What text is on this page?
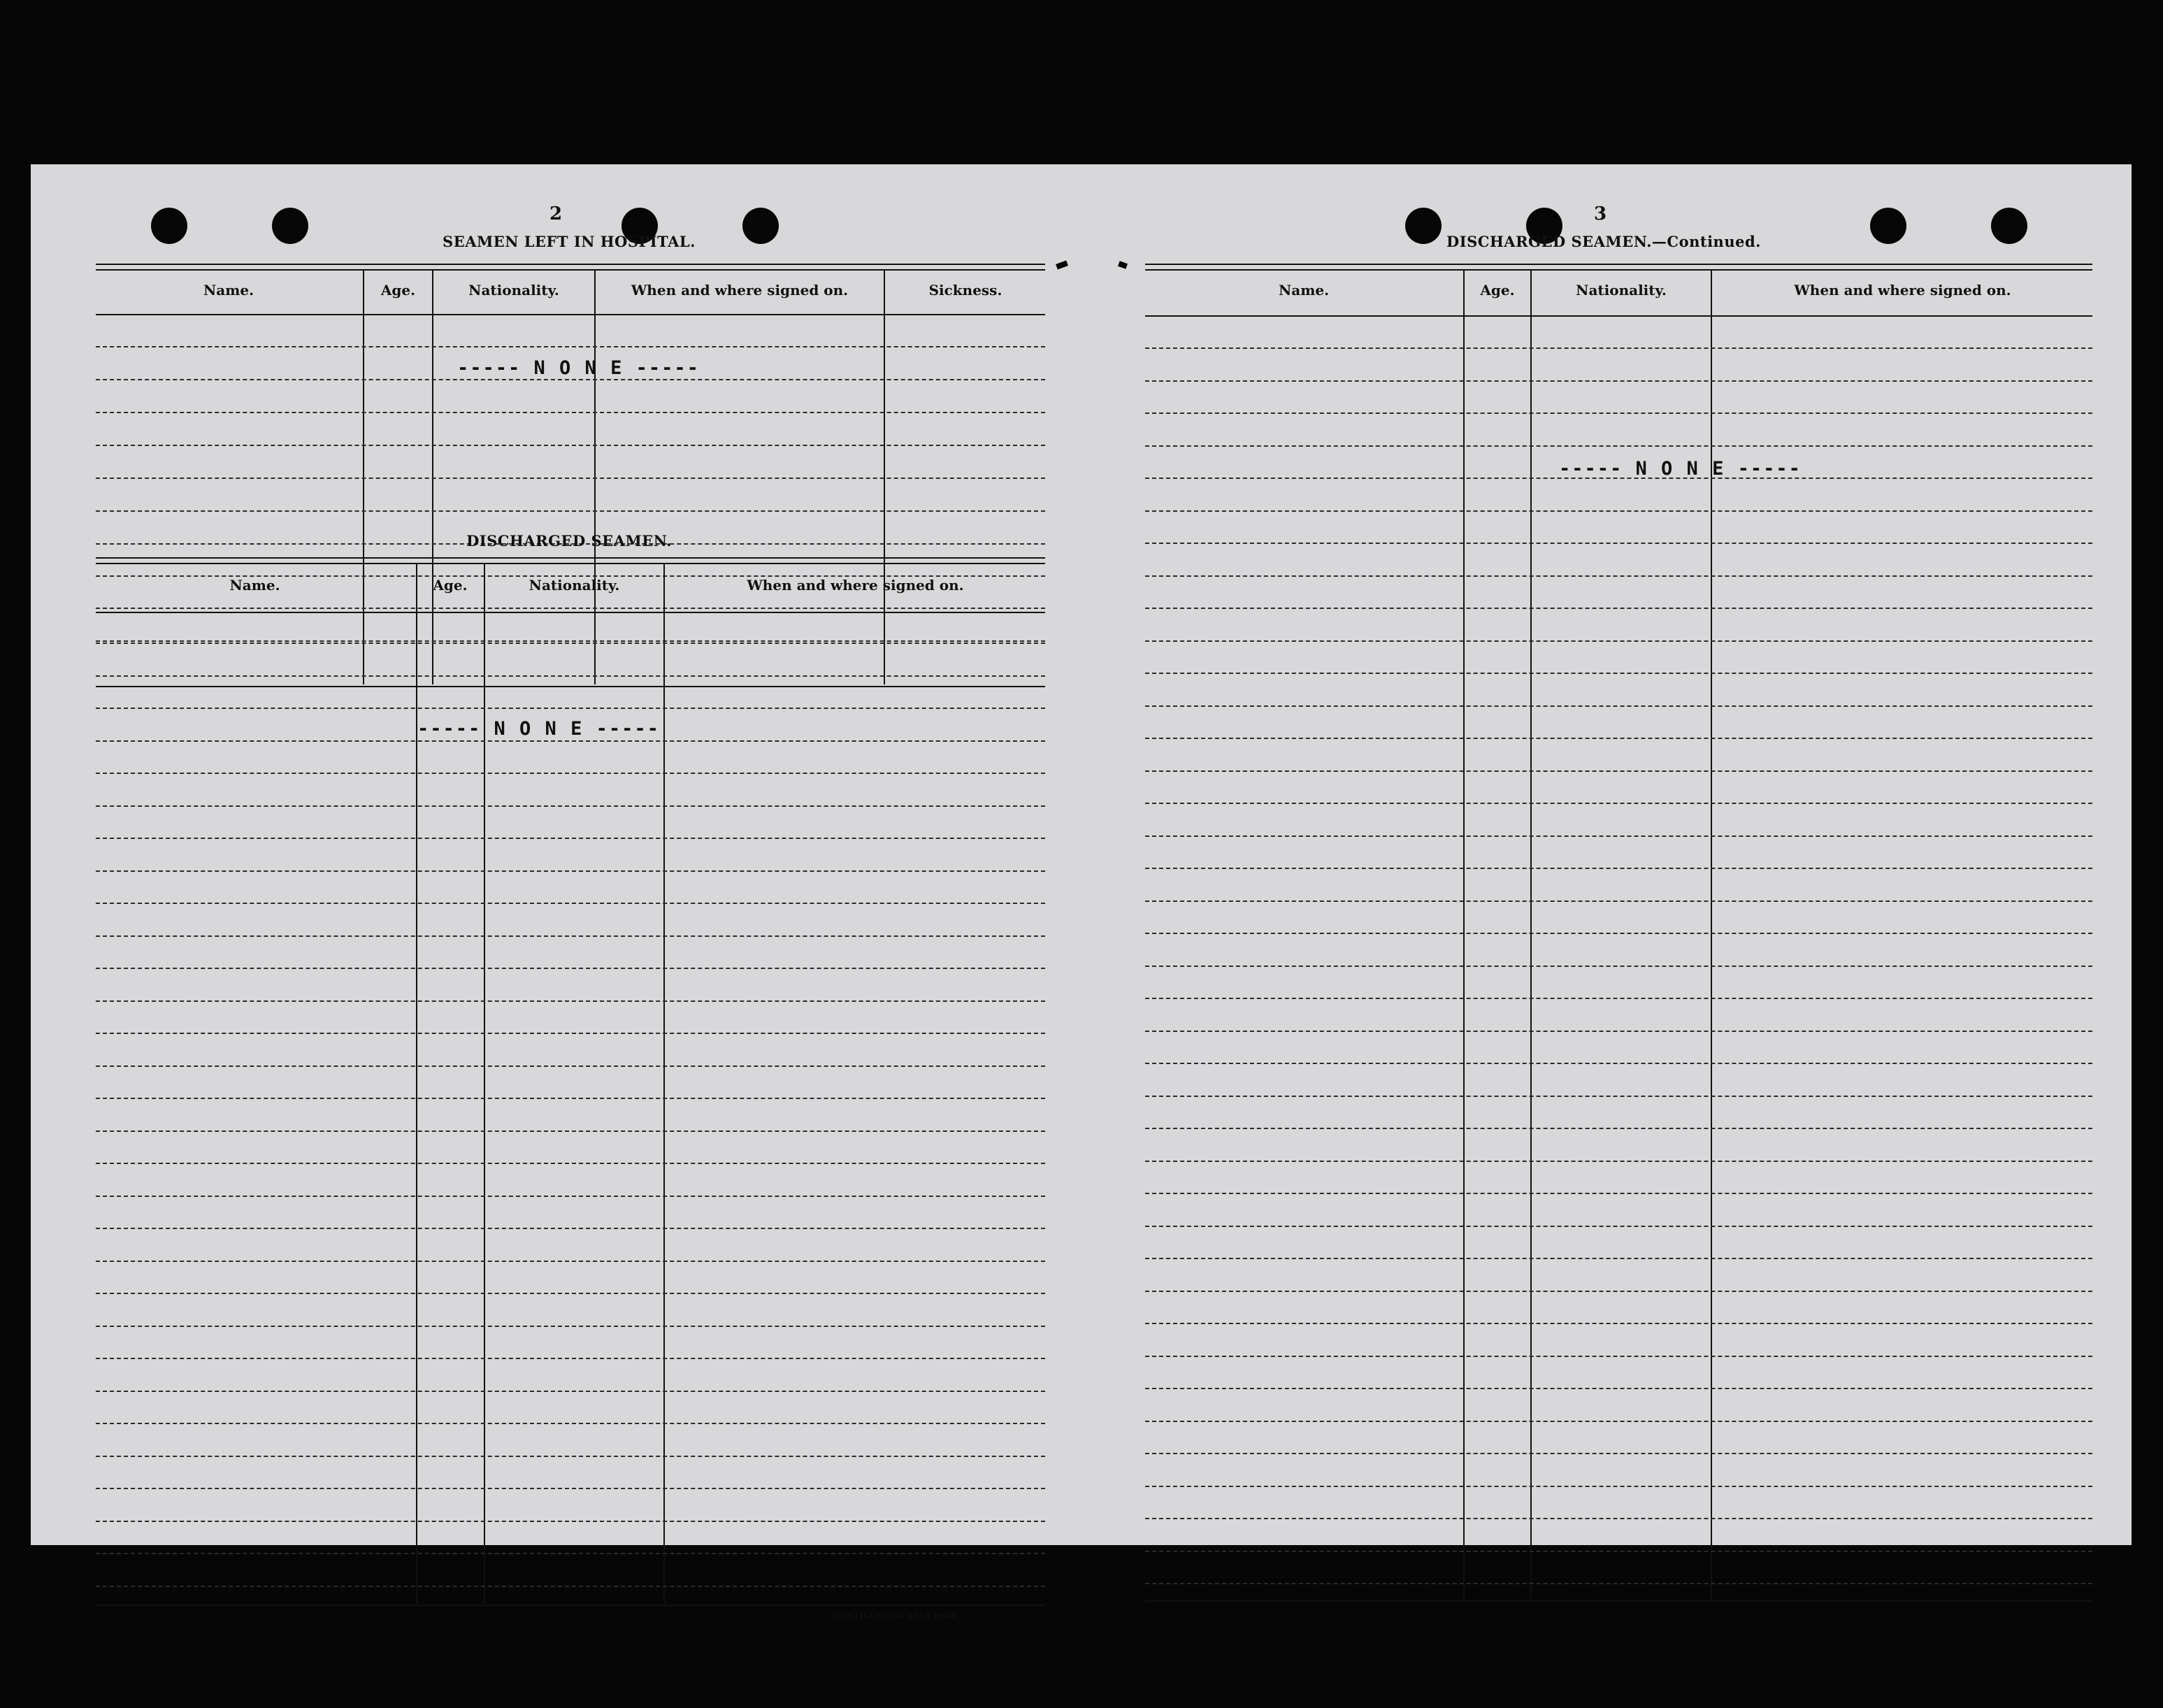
2
SEAMEN LEFT IN HOSPITAL.
Name.	Age.	Nationality.	When and where signed on.	Sickness.
----- N O N E -----
DISCHARGED SEAMEN.
Name.	Age.	Nationality.	When and where signed on.
----- N O N E -----
CONTINUED ON NEXT PAGE.
3
DISCHARGED SEAMEN.—Continued.
Name.	Age.	Nationality.	When and where signed on.
----- N O N E -----
